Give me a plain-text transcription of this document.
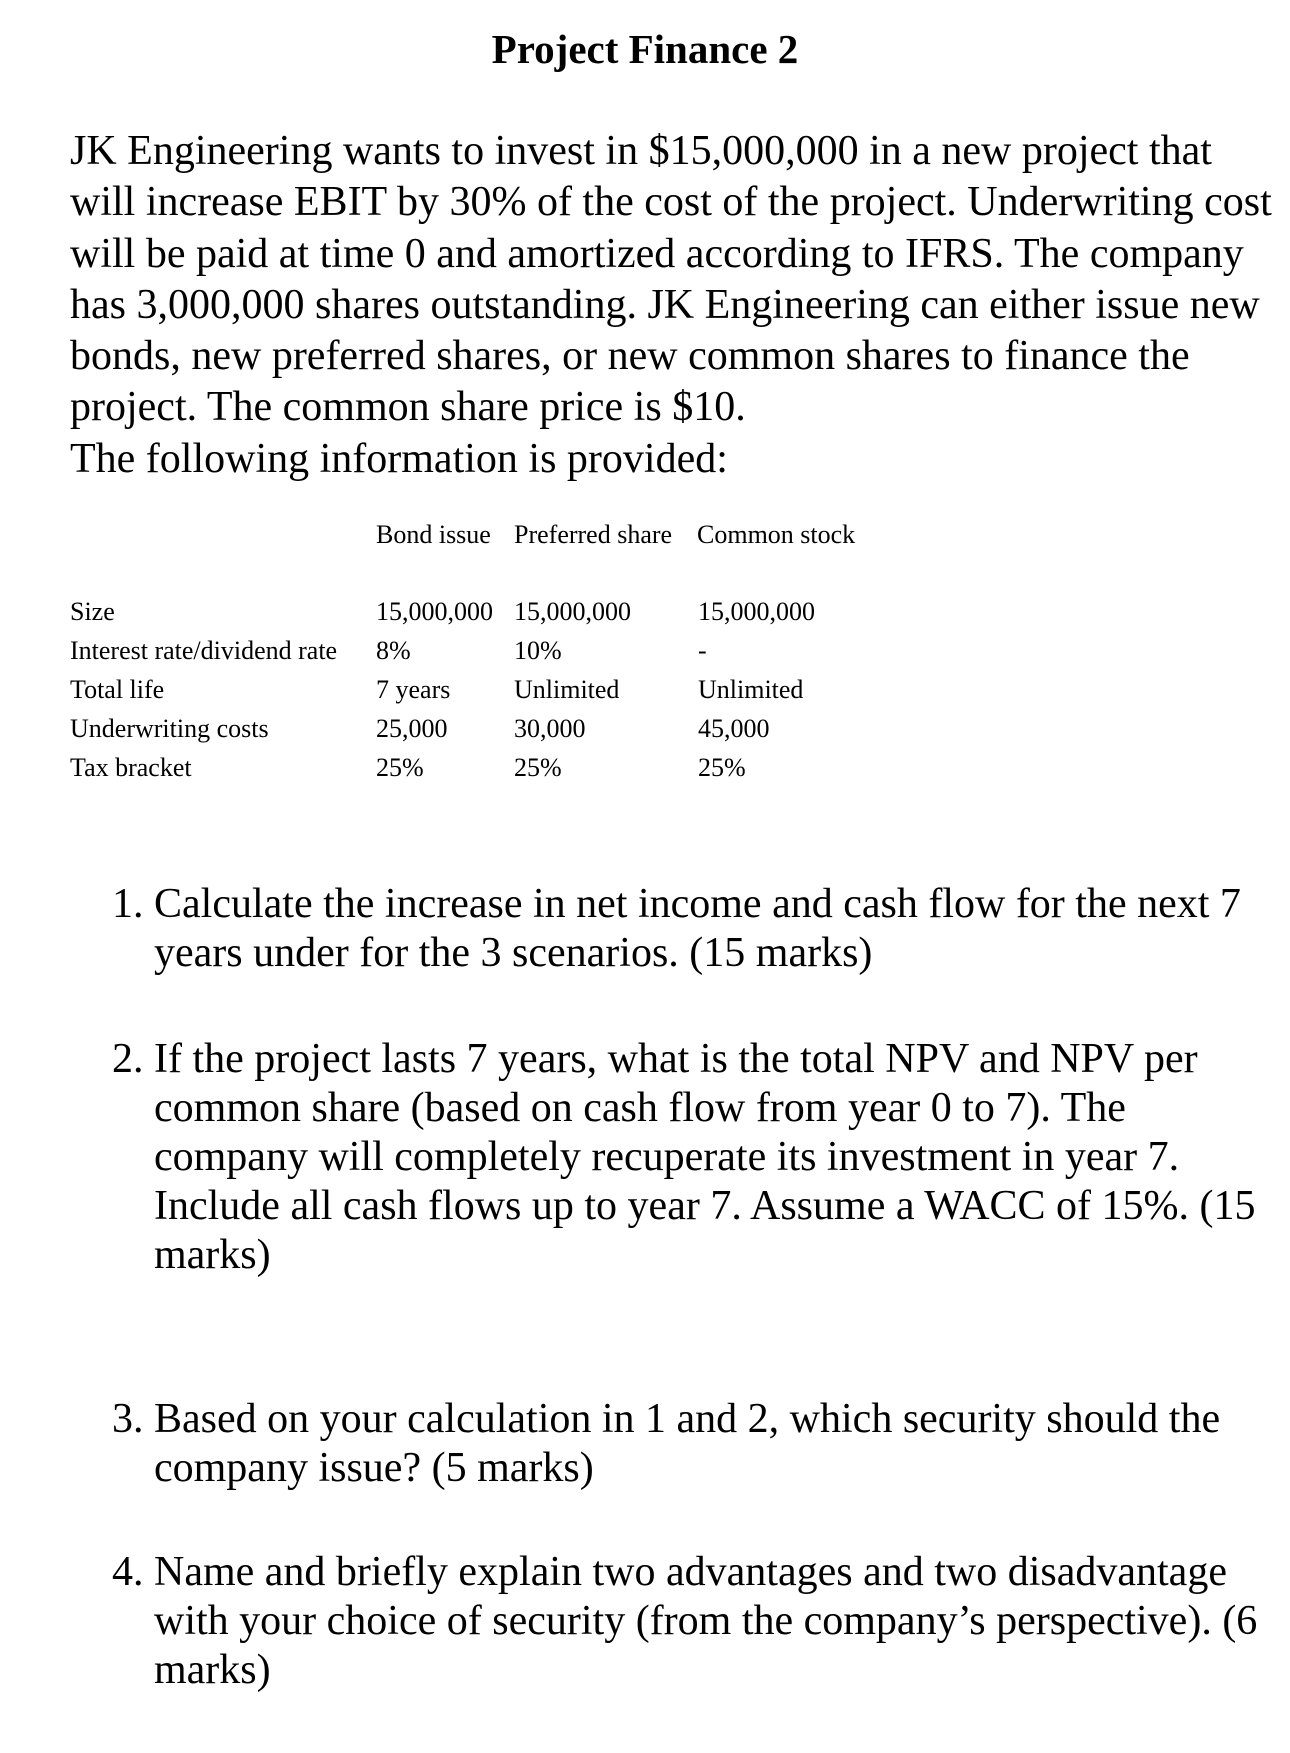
Project Finance 2

JK Engineering wants to invest in $15,000,000 in a new project that will increase EBIT by 30% of the cost of the project. Underwriting cost will be paid at time 0 and amortized according to IFRS. The company has 3,000,000 shares outstanding. JK Engineering can either issue new bonds, new preferred shares, or new common shares to finance the project. The common share price is $10.

The following information is provided:

Bond issue Preferred share Common stock
Size	15,000,000 15,000,000	15,000,000
Interest rate/dividend rate 8%	10%	-
Total life	7 years Unlimited	Unlimited
Underwriting costs	25,000	30,000	45,000
Tax bracket	25%	25%	25%
1. Calculate the increase in net income and cash flow for the next 7 years under for the 3 scenarios. (15 marks)
2. If the project lasts 7 years, what is the total NPV and NPV per common share (based on cash flow from year 0 to 7). The company will completely recuperate its investment in year 7. Include all cash flows up to year 7. Assume a WACC of 15%. (15 marks)
3. Based on your calculation in 1 and 2, which security should the company issue? (5 marks)
4. Name and briefly explain two advantages and two disadvantage with your choice of security (from the company’s perspective). (6 marks)
